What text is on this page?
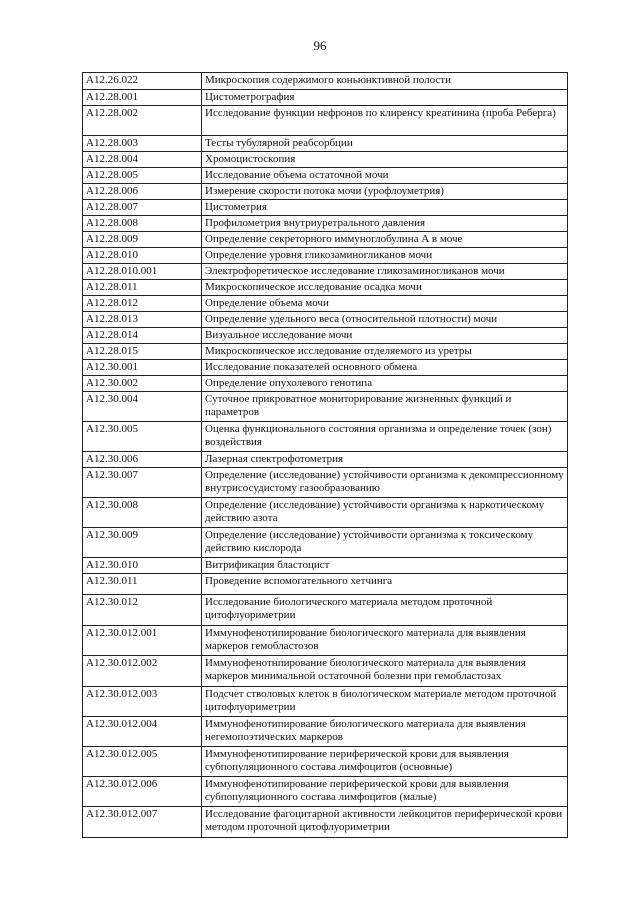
96
A12.26.022	Микроскопия содержимого коньюнктивной полости
A12.28.001	Цистометрография
A12.28.002	Исследование функции нефронов по клиренсу креатинина (проба Реберга)
A12.28.003	Тесты тубулярной реабсорбции
A12.28.004	Хромоцистоскопия
A12.28.005	Исследование объема остаточной мочи
A12.28.006	Измерение скорости потока мочи (урофлоуметрия)
A12.28.007	Цистометрия
A12.28.008	Профилометрия внутриуретрального давления
A12.28.009	Определение секреторного иммуноглобулина А в моче
A12.28.010	Определение уровня гликозаминогликанов мочи
A12.28.010.001	Электрофоретическое исследование гликозаминогликанов мочи
A12.28.011	Микроскопическое исследование осадка мочи
A12.28.012	Определение объема мочи
A12.28.013	Определение удельного веса (относительной плотности) мочи
A12.28.014	Визуальное исследование мочи
A12.28.015	Микроскопическое исследование отделяемого из уретры
A12.30.001	Исследование показателей основного обмена
A12.30.002	Определение опухолевого генотипа
A12.30.004	Суточное прикроватное мониторирование жизненных функций и параметров
A12.30.005	Оценка функционального состояния организма и определение точек (зон) воздействия
A12.30.006	Лазерная спектрофотометрия
A12.30.007	Определение (исследование) устойчивости организма к декомпрессионному внутрисосудистому газообразованию
A12.30.008	Определение (исследование) устойчивости организма к наркотическому действию азота
A12.30.009	Определение (исследование) устойчивости организма к токсическому действию кислорода
A12.30.010	Витрификация бластоцист
A12.30.011	Проведение вспомогательного хетчинга
A12.30.012	Исследование биологического материала методом проточной цитофлуориметрии
A12.30.012.001	Иммунофенотипирование биологического материала для выявления маркеров гемобластозов
A12.30.012.002	Иммунофенотнпирование биологического материала для выявления маркеров минимальной остаточной болезни при гемобластозах
A12.30.012.003	Подсчет стволовых клеток в биологическом материале методом проточной цитофлуориметрии
A12.30.012.004	Иммунофенотипирование биологического материала для выявления негемопоэтических маркеров
A12.30.012.005	Иммунофенотипирование периферической крови для выявления субпопуляционного состава лимфоцитов (основные)
A12.30.012.006	Иммунофенотипирование периферической крови для выявления субпопуляционного состава лимфоцитов (малые)
A12.30.012.007	Исследование фагоцитарной активности лейкоцитов периферической крови методом проточной цитофлуориметрии
